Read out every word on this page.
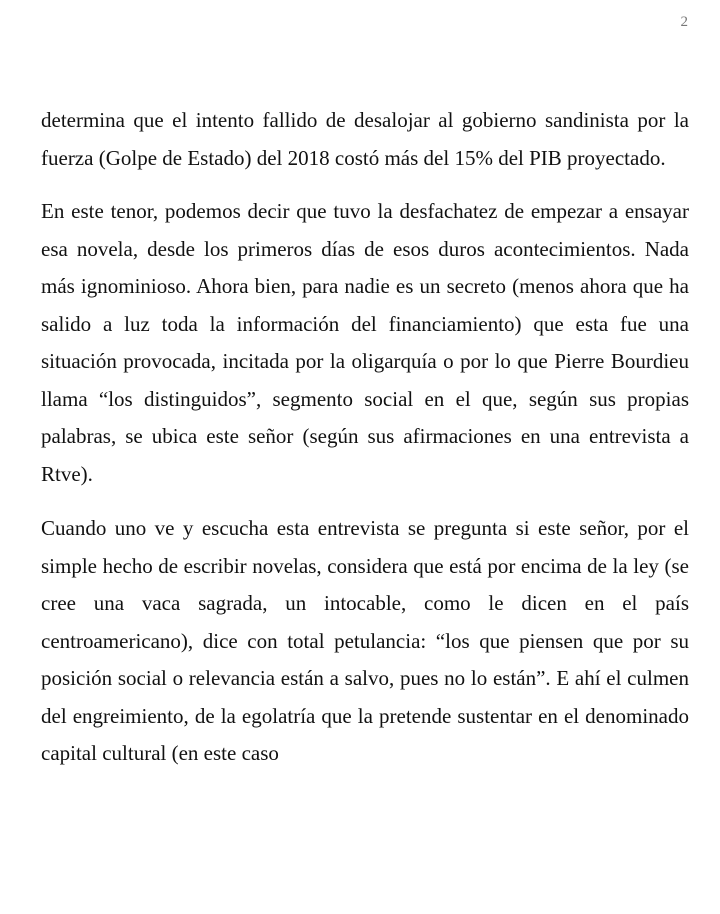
2

determina que el intento fallido de desalojar al gobierno sandinista por la fuerza (Golpe de Estado) del 2018 costó más del 15% del PIB proyectado.

En este tenor, podemos decir que tuvo la desfachatez de empezar a ensayar esa novela, desde los primeros días de esos duros acontecimientos. Nada más ignominioso. Ahora bien, para nadie es un secreto (menos ahora que ha salido a luz toda la información del financiamiento) que esta fue una situación provocada, incitada por la oligarquía o por lo que Pierre Bourdieu llama “los distinguidos”, segmento social en el que, según sus propias palabras, se ubica este señor (según sus afirmaciones en una entrevista a Rtve).

Cuando uno ve y escucha esta entrevista se pregunta si este señor, por el simple hecho de escribir novelas, considera que está por encima de la ley (se cree una vaca sagrada, un intocable, como le dicen en el país centroamericano), dice con total petulancia: “los que piensen que por su posición social o relevancia están a salvo, pues no lo están”. E ahí el culmen del engreimiento, de la egolatría que la pretende sustentar en el denominado capital cultural (en este caso
